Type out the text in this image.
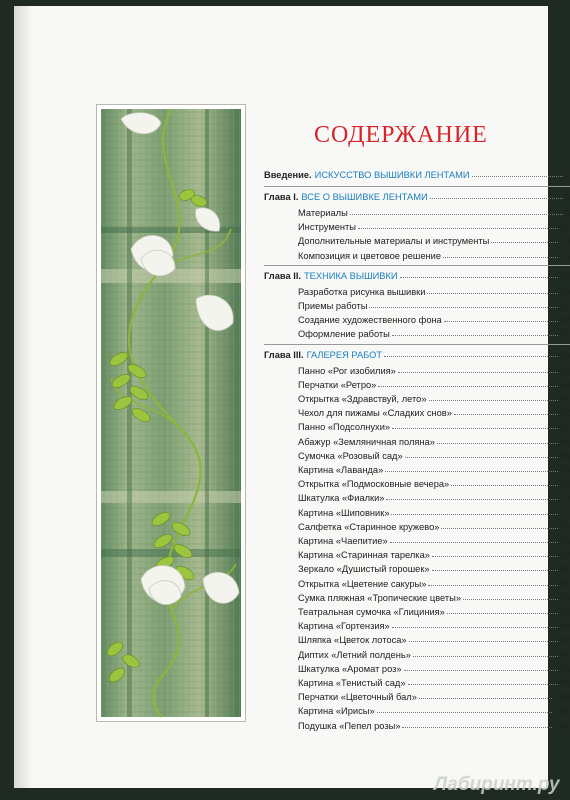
СОДЕРЖАНИЕ
Введение. ИСКУССТВО ВЫШИВКИ ЛЕНТАМИ	4
Глава I. ВСЕ О ВЫШИВКЕ ЛЕНТАМИ	6
Материалы	8
Инструменты	11
Дополнительные материалы и инструменты	13
Композиция и цветовое решение	15
Глава II. ТЕХНИКА ВЫШИВКИ	18
Разработка рисунка вышивки	20
Приемы работы	21
Создание художественного фона	49
Оформление работы	54
Глава III. ГАЛЕРЕЯ РАБОТ	56
Панно «Рог изобилия»	58
Перчатки «Ретро»	60
Открытка «Здравствуй, лето»	61
Чехол для пижамы «Сладких снов»	62
Панно «Подсолнухи»	64
Абажур «Земляничная поляна»	66
Сумочка «Розовый сад»	68
Картина «Лаванда»	70
Открытка «Подмосковные вечера»	72
Шкатулка «Фиалки»	73
Картина «Шиповник»	74
Салфетка «Старинное кружево»	76
Картина «Чаепитие»	78
Картина «Старинная тарелка»	80
Зеркало «Душистый горошек»	82
Открытка «Цветение сакуры»	84
Сумка пляжная «Тропические цветы»	86
Театральная сумочка «Глициния»	88
Картина «Гортензия»	90
Шляпка «Цветок лотоса»	92
Диптих «Летний полдень»	94
Шкатулка «Аромат роз»	96
Картина «Тенистый сад»	98
Перчатки «Цветочный бал»	100
Картина «Ирисы»	102
Подушка «Пепел розы»	104
Лабиринт.ру
